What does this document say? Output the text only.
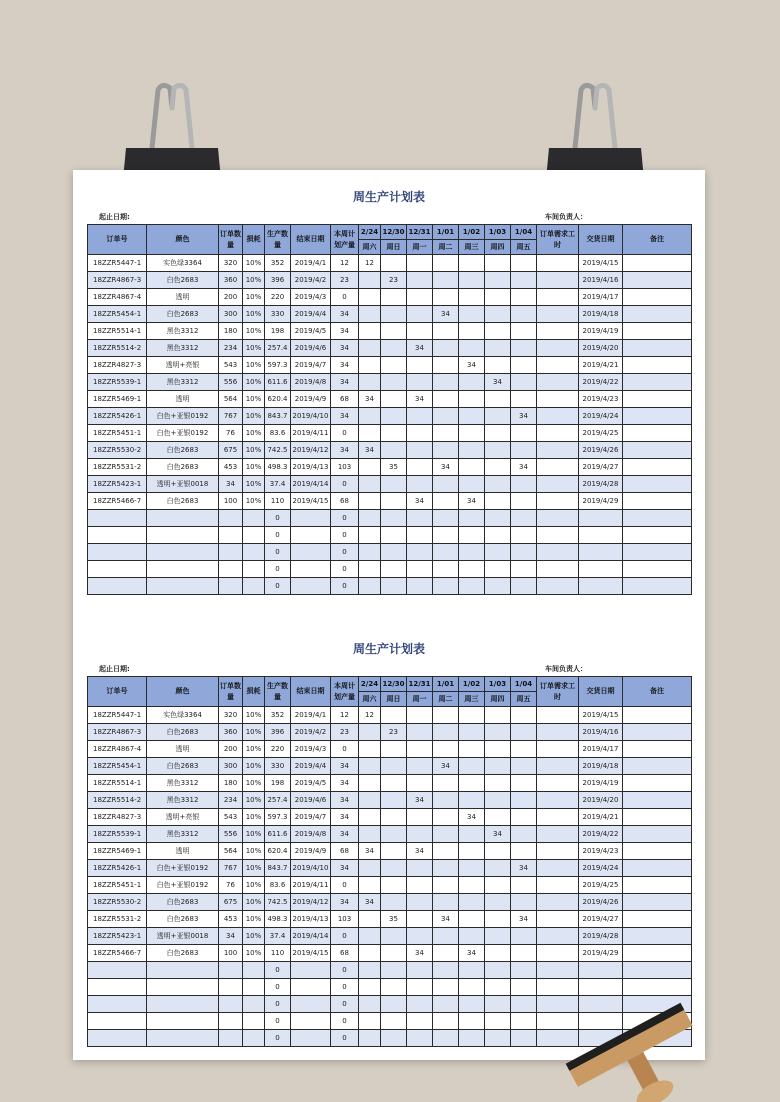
周生产计划表
起止日期:	车间负责人：
订单号	颜色	订单数量	损耗	生产数量	结束日期	本周计划产量	2/24	12/30	12/31	1/01	1/02	1/03	1/04	订单需求工时	交货日期	备注
							周六	周日	周一	周二	周三	周四	周五			
18ZZR5447-1	实色绿3364	320	10%	352	2019/4/1	12	12								2019/4/15	
18ZZR4867-3	白色2683	360	10%	396	2019/4/2	23		23							2019/4/16	
18ZZR4867-4	透明	200	10%	220	2019/4/3	0									2019/4/17	
18ZZR5454-1	白色2683	300	10%	330	2019/4/4	34				34					2019/4/18	
18ZZR5514-1	黑色3312	180	10%	198	2019/4/5	34									2019/4/19	
18ZZR5514-2	黑色3312	234	10%	257.4	2019/4/6	34			34						2019/4/20	
18ZZR4827-3	透明+亮银	543	10%	597.3	2019/4/7	34					34				2019/4/21	
18ZZR5539-1	黑色3312	556	10%	611.6	2019/4/8	34						34			2019/4/22	
18ZZR5469-1	透明	564	10%	620.4	2019/4/9	68	34		34						2019/4/23	
18ZZR5426-1	白色+亚银0192	767	10%	843.7	2019/4/10	34							34		2019/4/24	
18ZZR5451-1	白色+亚银0192	76	10%	83.6	2019/4/11	0									2019/4/25	
18ZZR5530-2	白色2683	675	10%	742.5	2019/4/12	34	34								2019/4/26	
18ZZR5531-2	白色2683	453	10%	498.3	2019/4/13	103		35		34			34		2019/4/27	
18ZZR5423-1	透明+亚银0018	34	10%	37.4	2019/4/14	0									2019/4/28	
18ZZR5466-7	白色2683	100	10%	110	2019/4/15	68			34		34				2019/4/29	
				0		0										
				0		0										
				0		0										
				0		0										
				0		0										
周生产计划表
起止日期:	车间负责人：
订单号	颜色	订单数量	损耗	生产数量	结束日期	本周计划产量	2/24	12/30	12/31	1/01	1/02	1/03	1/04	订单需求工时	交货日期	备注
							周六	周日	周一	周二	周三	周四	周五			
18ZZR5447-1	实色绿3364	320	10%	352	2019/4/1	12	12								2019/4/15	
18ZZR4867-3	白色2683	360	10%	396	2019/4/2	23		23							2019/4/16	
18ZZR4867-4	透明	200	10%	220	2019/4/3	0									2019/4/17	
18ZZR5454-1	白色2683	300	10%	330	2019/4/4	34				34					2019/4/18	
18ZZR5514-1	黑色3312	180	10%	198	2019/4/5	34									2019/4/19	
18ZZR5514-2	黑色3312	234	10%	257.4	2019/4/6	34			34						2019/4/20	
18ZZR4827-3	透明+亮银	543	10%	597.3	2019/4/7	34					34				2019/4/21	
18ZZR5539-1	黑色3312	556	10%	611.6	2019/4/8	34						34			2019/4/22	
18ZZR5469-1	透明	564	10%	620.4	2019/4/9	68	34		34						2019/4/23	
18ZZR5426-1	白色+亚银0192	767	10%	843.7	2019/4/10	34							34		2019/4/24	
18ZZR5451-1	白色+亚银0192	76	10%	83.6	2019/4/11	0									2019/4/25	
18ZZR5530-2	白色2683	675	10%	742.5	2019/4/12	34	34								2019/4/26	
18ZZR5531-2	白色2683	453	10%	498.3	2019/4/13	103		35		34			34		2019/4/27	
18ZZR5423-1	透明+亚银0018	34	10%	37.4	2019/4/14	0									2019/4/28	
18ZZR5466-7	白色2683	100	10%	110	2019/4/15	68			34		34				2019/4/29	
				0		0										
				0		0										
				0		0										
				0		0										
				0		0										
